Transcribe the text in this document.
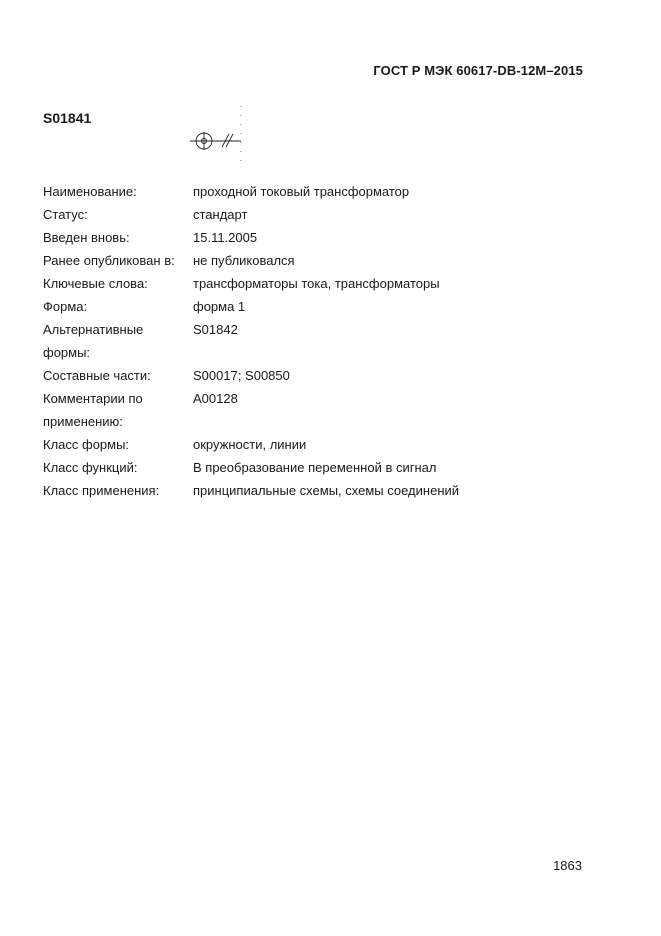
ГОСТ Р МЭК 60617-DB-12M–2015
S01841
Наименование:	проходной токовый трансформатор
Статус:	стандарт
Введен вновь:	15.11.2005
Ранее опубликован в:	не публиковался
Ключевые слова:	трансформаторы тока, трансформаторы
Форма:	форма 1
Альтернативные формы:
S01842
Составные части:	S00017; S00850
Комментарии по применению:
A00128
Класс формы:	окружности, линии
Класс функций:	В преобразование переменной в сигнал
Класс применения:	принципиальные схемы, схемы соединений
1863
